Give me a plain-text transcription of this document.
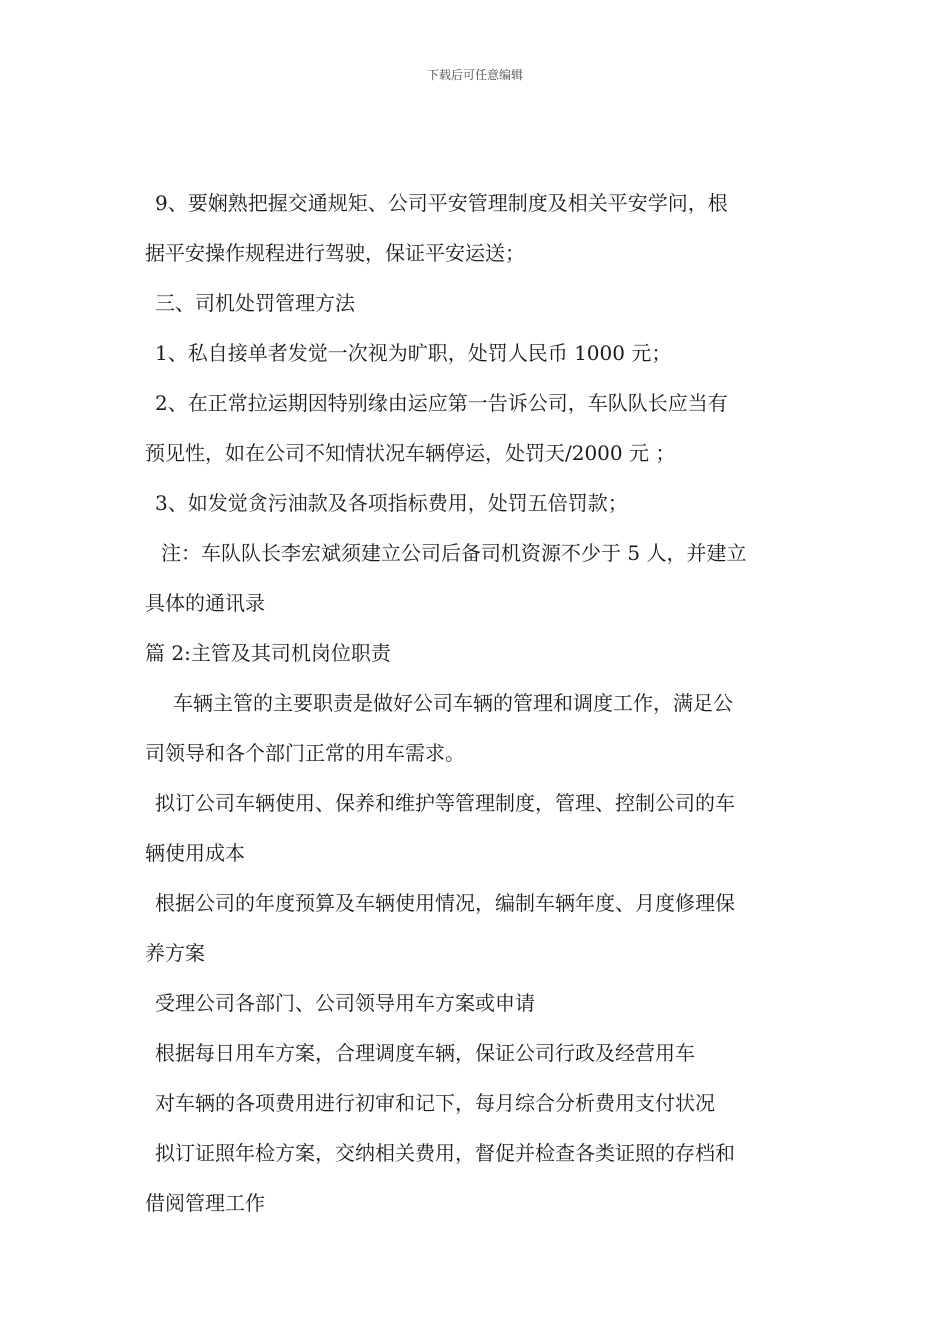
下载后可任意编辑
9、要娴熟把握交通规矩、公司平安管理制度及相关平安学问，根
据平安操作规程进行驾驶，保证平安运送；
三、司机处罚管理方法
1、私自接单者发觉一次视为旷职，处罚人民币 1000 元；
2、在正常拉运期因特别缘由运应第一告诉公司，车队队长应当有
预见性，如在公司不知情状况车辆停运，处罚天/2000 元 ；
3、如发觉贪污油款及各项指标费用，处罚五倍罚款；
注：车队队长李宏斌须建立公司后备司机资源不少于 5 人，并建立
具体的通讯录
篇 2:主管及其司机岗位职责
车辆主管的主要职责是做好公司车辆的管理和调度工作，满足公
司领导和各个部门正常的用车需求。
拟订公司车辆使用、保养和维护等管理制度，管理、控制公司的车
辆使用成本
根据公司的年度预算及车辆使用情况，编制车辆年度、月度修理保
养方案
受理公司各部门、公司领导用车方案或申请
根据每日用车方案，合理调度车辆，保证公司行政及经营用车
对车辆的各项费用进行初审和记下，每月综合分析费用支付状况
拟订证照年检方案，交纳相关费用，督促并检查各类证照的存档和
借阅管理工作
